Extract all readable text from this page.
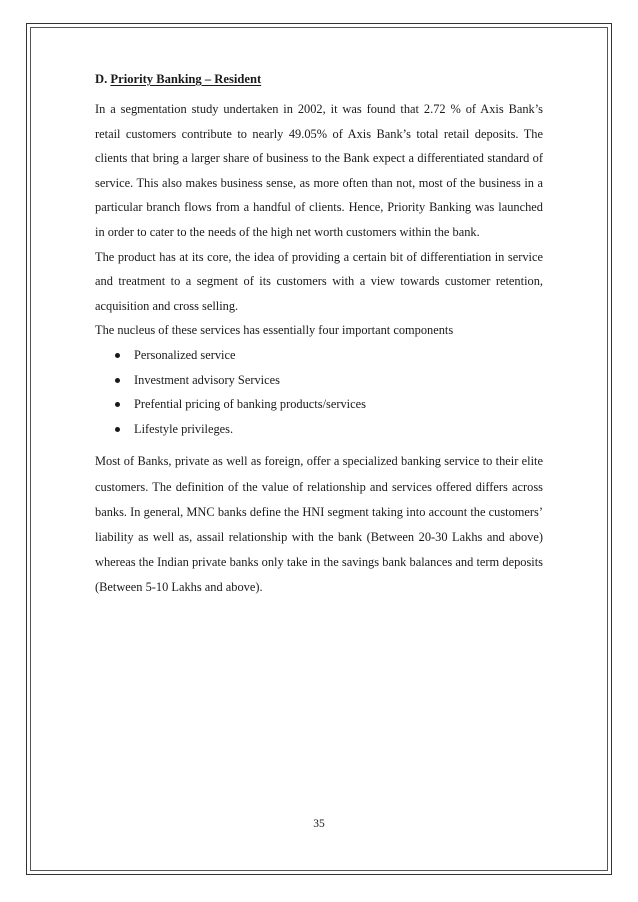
D. Priority Banking – Resident

In a segmentation study undertaken in 2002, it was found that 2.72 % of Axis Bank’s retail customers contribute to nearly 49.05% of Axis Bank’s total retail deposits. The clients that bring a larger share of business to the Bank expect a differentiated standard of service. This also makes business sense, as more often than not, most of the business in a particular branch flows from a handful of clients. Hence, Priority Banking was launched in order to cater to the needs of the high net worth customers within the bank.

The product has at its core, the idea of providing a certain bit of differentiation in service and treatment to a segment of its customers with a view towards customer retention, acquisition and cross selling.

The nucleus of these services has essentially four important components

Personalized service
Investment advisory Services
Prefential pricing of banking products/services
Lifestyle privileges.

Most of Banks, private as well as foreign, offer a specialized banking service to their elite customers. The definition of the value of relationship and services offered differs across banks. In general, MNC banks define the HNI segment taking into account the customers’ liability as well as, assail relationship with the bank (Between 20-30 Lakhs and above) whereas the Indian private banks only take in the savings bank balances and term deposits (Between 5-10 Lakhs and above).

35
